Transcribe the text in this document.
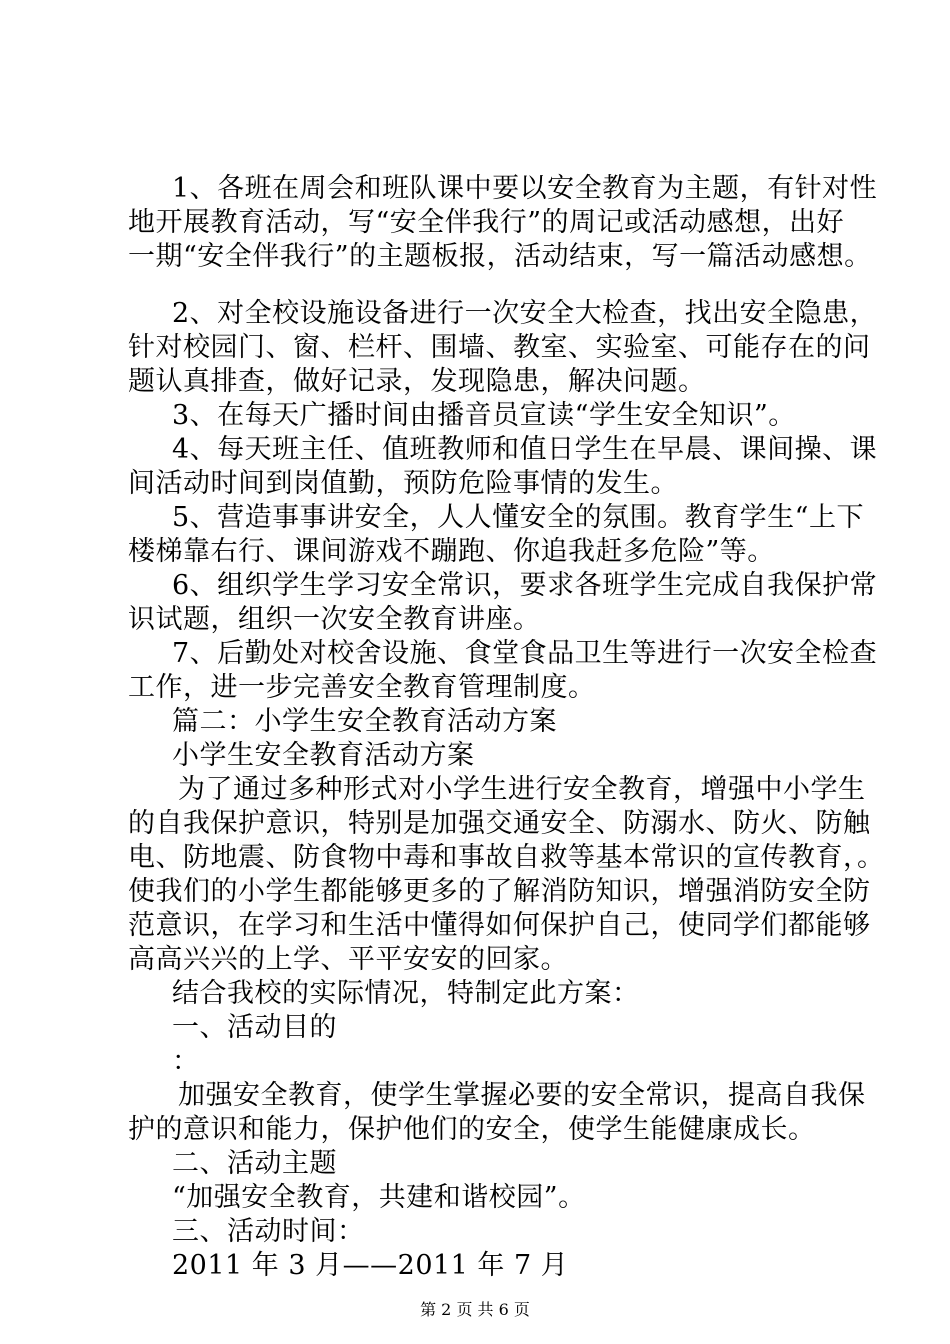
1、各班在周会和班队课中要以安全教育为主题，有针对性
地开展教育活动，写“安全伴我行”的周记或活动感想，出好
一期“安全伴我行”的主题板报，活动结束，写一篇活动感想。
2、对全校设施设备进行一次安全大检查，找出安全隐患，
针对校园门、窗、栏杆、围墙、教室、实验室、可能存在的问
题认真排查，做好记录，发现隐患，解决问题。
3、在每天广播时间由播音员宣读“学生安全知识”。
4、每天班主任、值班教师和值日学生在早晨、课间操、课
间活动时间到岗值勤，预防危险事情的发生。
5、营造事事讲安全，人人懂安全的氛围。教育学生“上下
楼梯靠右行、课间游戏不蹦跑、你追我赶多危险”等。
6、组织学生学习安全常识，要求各班学生完成自我保护常
识试题，组织一次安全教育讲座。
7、后勤处对校舍设施、食堂食品卫生等进行一次安全检查
工作，进一步完善安全教育管理制度。
篇二：小学生安全教育活动方案
小学生安全教育活动方案
为了通过多种形式对小学生进行安全教育，增强中小学生
的自我保护意识，特别是加强交通安全、防溺水、防火、防触
电、防地震、防食物中毒和事故自救等基本常识的宣传教育，。
使我们的小学生都能够更多的了解消防知识，增强消防安全防
范意识，在学习和生活中懂得如何保护自己，使同学们都能够
高高兴兴的上学、平平安安的回家。
结合我校的实际情况，特制定此方案：
一、活动目的
：
加强安全教育，使学生掌握必要的安全常识，提高自我保
护的意识和能力，保护他们的安全，使学生能健康成长。
二、活动主题
“加强安全教育，共建和谐校园”。
三、活动时间：
2011 年 3 月——2011 年 7 月
第 2 页 共 6 页
